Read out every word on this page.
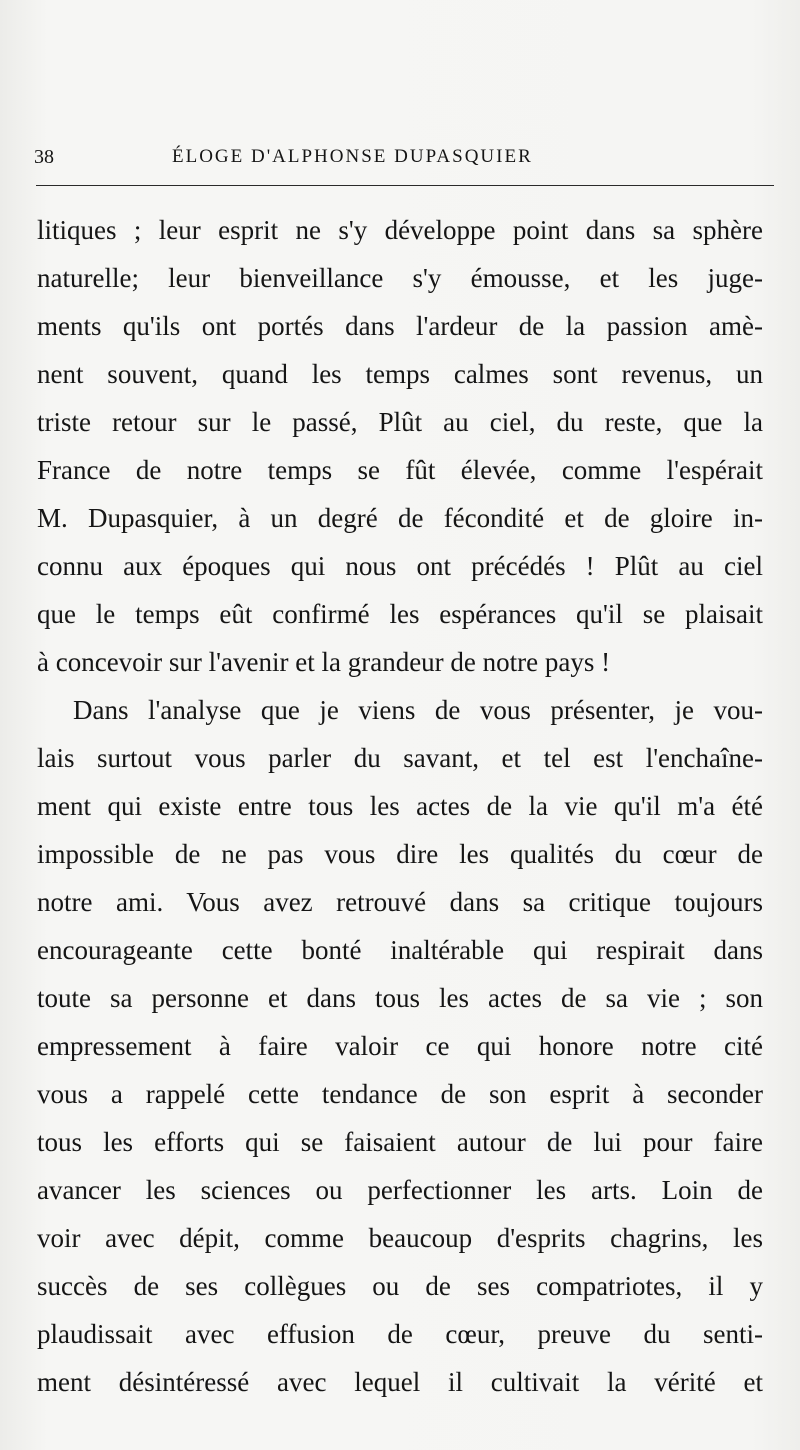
38	ÉLOGE D'ALPHONSE DUPASQUIER
litiques ; leur esprit ne s'y développe point dans sa sphère
naturelle; leur bienveillance s'y émousse, et les juge-
ments qu'ils ont portés dans l'ardeur de la passion amè-
nent souvent, quand les temps calmes sont revenus, un
triste retour sur le passé, Plût au ciel, du reste, que la
France de notre temps se fût élevée, comme l'espérait
M. Dupasquier, à un degré de fécondité et de gloire in-
connu aux époques qui nous ont précédés ! Plût au ciel
que le temps eût confirmé les espérances qu'il se plaisait
à concevoir sur l'avenir et la grandeur de notre pays !
Dans l'analyse que je viens de vous présenter, je vou-
lais surtout vous parler du savant, et tel est l'enchaîne-
ment qui existe entre tous les actes de la vie qu'il m'a été
impossible de ne pas vous dire les qualités du cœur de
notre ami. Vous avez retrouvé dans sa critique toujours
encourageante cette bonté inaltérable qui respirait dans
toute sa personne et dans tous les actes de sa vie ; son
empressement à faire valoir ce qui honore notre cité
vous a rappelé cette tendance de son esprit à seconder
tous les efforts qui se faisaient autour de lui pour faire
avancer les sciences ou perfectionner les arts. Loin de
voir avec dépit, comme beaucoup d'esprits chagrins, les
succès de ses collègues ou de ses compatriotes, il y
plaudissait avec effusion de cœur, preuve du senti-
ment désintéressé avec lequel il cultivait la vérité et
